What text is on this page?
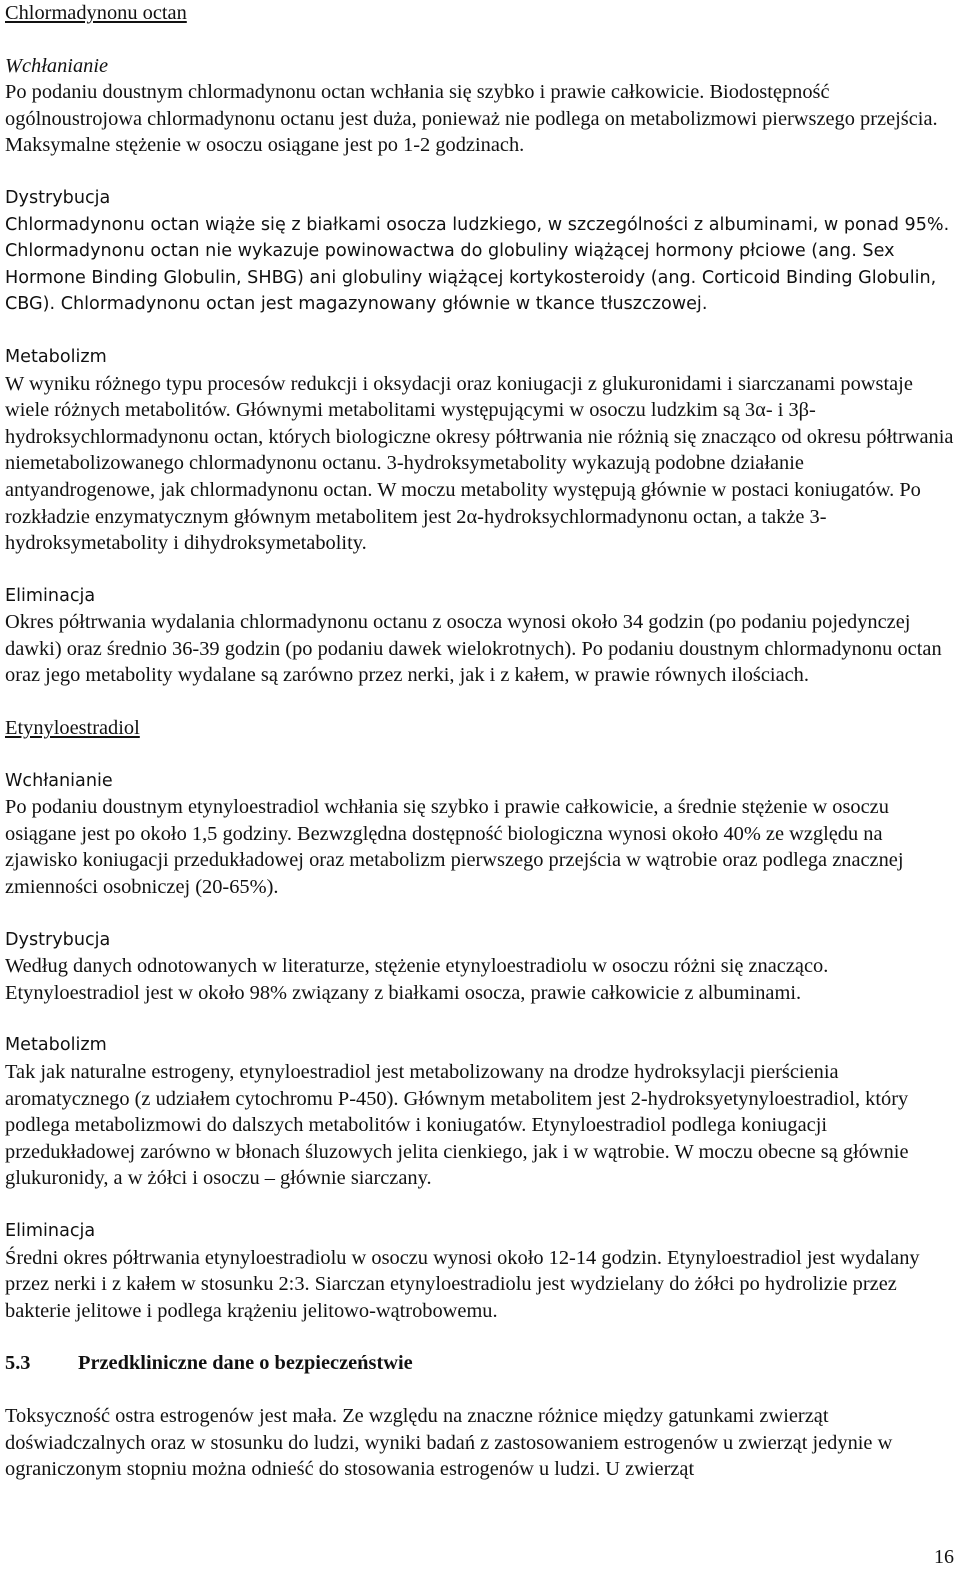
Chlormadynonu octan

Wchłanianie
Po podaniu doustnym chlormadynonu octan wchłania się szybko i prawie całkowicie. Biodostępność ogólnoustrojowa chlormadynonu octanu jest duża, ponieważ nie podlega on metabolizmowi pierwszego przejścia. Maksymalne stężenie w osoczu osiągane jest po 1-2 godzinach.
Dystrybucja
Chlormadynonu octan wiąże się z białkami osocza ludzkiego, w szczególności z albuminami, w ponad 95%. Chlormadynonu octan nie wykazuje powinowactwa do globuliny wiążącej hormony płciowe (ang. Sex Hormone Binding Globulin, SHBG) ani globuliny wiążącej kortykosteroidy (ang. Corticoid Binding Globulin, CBG). Chlormadynonu octan jest magazynowany głównie w tkance tłuszczowej.
Metabolizm
W wyniku różnego typu procesów redukcji i oksydacji oraz koniugacji z glukuronidami i siarczanami powstaje wiele różnych metabolitów. Głównymi metabolitami występującymi w osoczu ludzkim są 3α- i 3β-hydroksychlormadynonu octan, których biologiczne okresy półtrwania nie różnią się znacząco od okresu półtrwania niemetabolizowanego chlormadynonu octanu. 3-hydroksymetabolity wykazują podobne działanie antyandrogenowe, jak chlormadynonu octan. W moczu metabolity występują głównie w postaci koniugatów. Po rozkładzie enzymatycznym głównym metabolitem jest 2α-hydroksychlormadynonu octan, a także 3-hydroksymetabolity i dihydroksymetabolity.
Eliminacja
Okres półtrwania wydalania chlormadynonu octanu z osocza wynosi około 34 godzin (po podaniu pojedynczej dawki) oraz średnio 36-39 godzin (po podaniu dawek wielokrotnych). Po podaniu doustnym chlormadynonu octan oraz jego metabolity wydalane są zarówno przez nerki, jak i z kałem, w prawie równych ilościach.

Etynyloestradiol

Wchłanianie
Po podaniu doustnym etynyloestradiol wchłania się szybko i prawie całkowicie, a średnie stężenie w osoczu osiągane jest po około 1,5 godziny. Bezwzględna dostępność biologiczna wynosi około 40% ze względu na zjawisko koniugacji przedukładowej oraz metabolizm pierwszego przejścia w wątrobie oraz podlega znacznej zmienności osobniczej (20-65%).
Dystrybucja
Według danych odnotowanych w literaturze, stężenie etynyloestradiolu w osoczu różni się znacząco. Etynyloestradiol jest w około 98% związany z białkami osocza, prawie całkowicie z albuminami.
Metabolizm
Tak jak naturalne estrogeny, etynyloestradiol jest metabolizowany na drodze hydroksylacji pierścienia aromatycznego (z udziałem cytochromu P-450). Głównym metabolitem jest 2-hydroksyetynyloestradiol, który podlega metabolizmowi do dalszych metabolitów i koniugatów. Etynyloestradiol podlega koniugacji przedukładowej zarówno w błonach śluzowych jelita cienkiego, jak i w wątrobie. W moczu obecne są głównie glukuronidy, a w żółci i osoczu – głównie siarczany.
Eliminacja
Średni okres półtrwania etynyloestradiolu w osoczu wynosi około 12-14 godzin. Etynyloestradiol jest wydalany przez nerki i z kałem w stosunku 2:3. Siarczan etynyloestradiolu jest wydzielany do żółci po hydrolizie przez bakterie jelitowe i podlega krążeniu jelitowo-wątrobowemu.

5.3 Przedkliniczne dane o bezpieczeństwie

Toksyczność ostra estrogenów jest mała. Ze względu na znaczne różnice między gatunkami zwierząt doświadczalnych oraz w stosunku do ludzi, wyniki badań z zastosowaniem estrogenów u zwierząt jedynie w ograniczonym stopniu można odnieść do stosowania estrogenów u ludzi. U zwierząt

16
